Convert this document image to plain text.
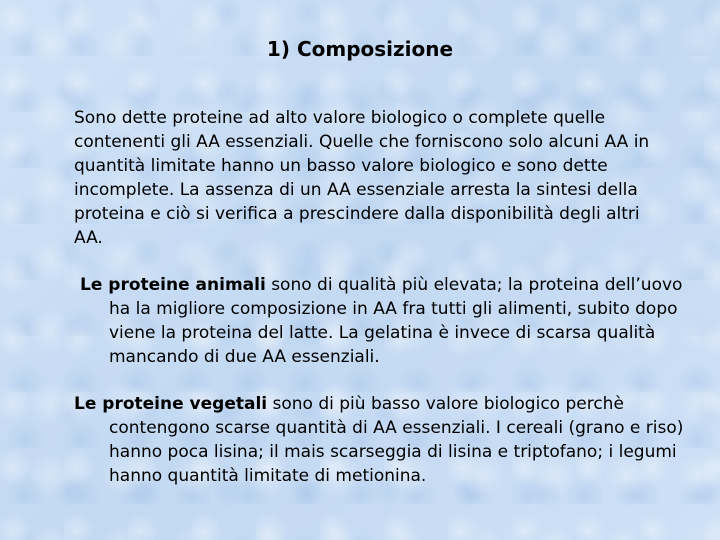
1) Composizione

Sono dette proteine ad alto valore biologico o complete quelle contenenti gli AA essenziali. Quelle che forniscono solo alcuni AA in quantità limitate hanno un basso valore biologico e sono dette incomplete. La assenza di un AA essenziale arresta la sintesi della proteina e ciò si verifica a prescindere dalla disponibilità degli altri AA.

Le proteine animali sono di qualità più elevata; la proteina dell’uovo ha la migliore composizione in AA fra tutti gli alimenti, subito dopo viene la proteina del latte. La gelatina è invece di scarsa qualità mancando di due AA essenziali.

Le proteine vegetali sono di più basso valore biologico perchè contengono scarse quantità di AA essenziali. I cereali (grano e riso) hanno poca lisina; il mais scarseggia di lisina e triptofano; i legumi hanno quantità limitate di metionina.
